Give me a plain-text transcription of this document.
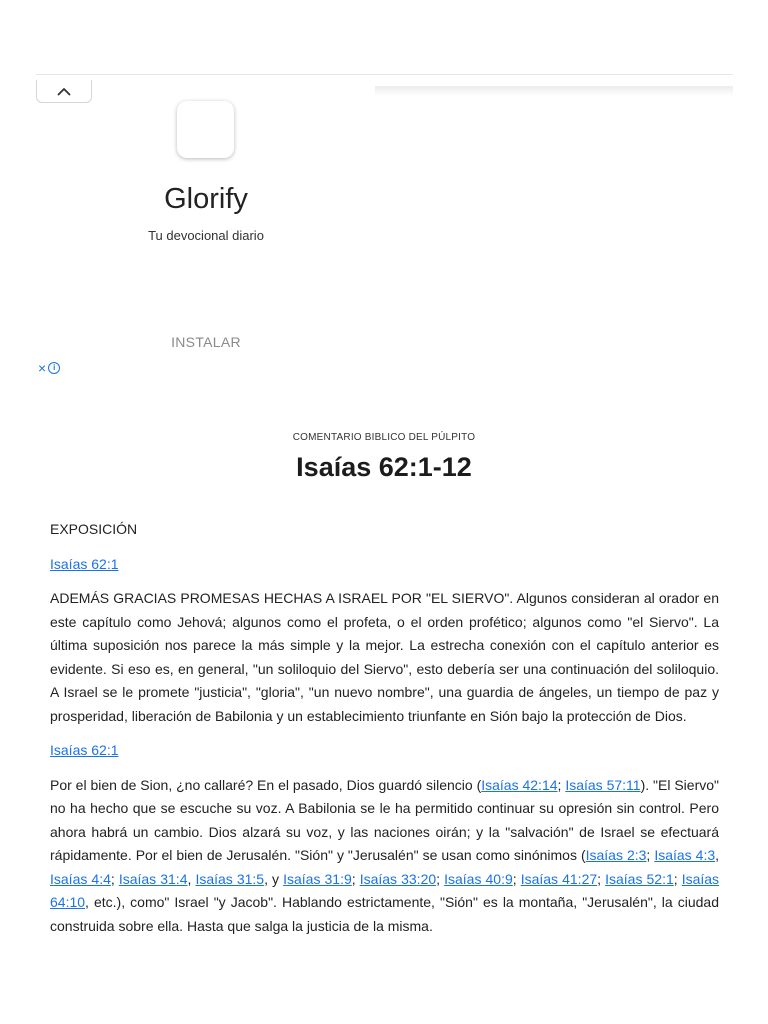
Glorify
Tu devocional diario
INSTALAR
× i
COMENTARIO BIBLICO DEL PÚLPITO
Isaías 62:1-12

EXPOSICIÓN

Isaías 62:1

ADEMÁS GRACIAS PROMESAS HECHAS A ISRAEL POR "EL SIERVO". Algunos consideran al orador en este capítulo como Jehová; algunos como el profeta, o el orden profético; algunos como "el Siervo". La última suposición nos parece la más simple y la mejor. La estrecha conexión con el capítulo anterior es evidente. Si eso es, en general, "un soliloquio del Siervo", esto debería ser una continuación del soliloquio. A Israel se le promete "justicia", "gloria", "un nuevo nombre", una guardia de ángeles, un tiempo de paz y prosperidad, liberación de Babilonia y un establecimiento triunfante en Sión bajo la protección de Dios.

Isaías 62:1

Por el bien de Sion, ¿no callaré? En el pasado, Dios guardó silencio (Isaías 42:14; Isaías 57:11). "El Siervo" no ha hecho que se escuche su voz. A Babilonia se le ha permitido continuar su opresión sin control. Pero ahora habrá un cambio. Dios alzará su voz, y las naciones oirán; y la "salvación" de Israel se efectuará rápidamente. Por el bien de Jerusalén. "Sión" y "Jerusalén" se usan como sinónimos (Isaías 2:3; Isaías 4:3, Isaías 4:4; Isaías 31:4, Isaías 31:5, y Isaías 31:9; Isaías 33:20; Isaías 40:9; Isaías 41:27; Isaías 52:1; Isaías 64:10, etc.), como" Israel "y Jacob". Hablando estrictamente, "Sión" es la montaña, "Jerusalén", la ciudad construida sobre ella. Hasta que salga la justicia de la misma.
